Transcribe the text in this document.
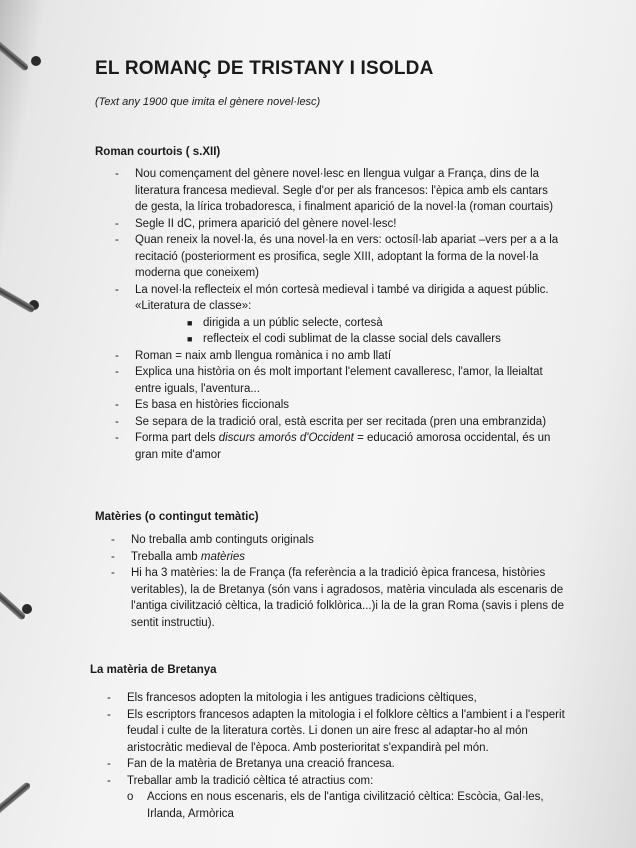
EL ROMANÇ DE TRISTANY I ISOLDA
(Text any 1900 que imita el gènere novel·lesc)
Roman courtois ( s.XII)
- Nou començament del gènere novel·lesc en llengua vulgar a França, dins de la literatura francesa medieval. Segle d'or per als francesos: l'èpica amb els cantars de gesta, la lírica trobadoresca, i finalment aparició de la novel·la (roman courtais)
- Segle II dC, primera aparició del gènere novel·lesc!
- Quan reneix la novel·la, és una novel·la en vers: octosíl·lab apariat –vers per a a la recitació (posteriorment es prosifica, segle XIII, adoptant la forma de la novel·la moderna que coneixem)
- La novel·la reflecteix el món cortesà medieval i també va dirigida a aquest públic. «Literatura de classe»:
■ dirigida a un públic selecte, cortesà
■ reflecteix el codi sublimat de la classe social dels cavallers
- Roman = naix amb llengua romànica i no amb llatí
- Explica una història on és molt important l'element cavalleresc, l'amor, la lleialtat entre iguals, l'aventura...
- Es basa en històries ficcionals
- Se separa de la tradició oral, està escrita per ser recitada (pren una embranzida)
- Forma part dels discurs amorós d'Occident = educació amorosa occidental, és un gran mite d'amor
Matèries (o contingut temàtic)
- No treballa amb continguts originals
- Treballa amb matèries
- Hi ha 3 matèries: la de França (fa referència a la tradició èpica francesa, històries veritables), la de Bretanya (són vans i agradosos, matèria vinculada als escenaris de l'antiga civilització cèltica, la tradició folklòrica...)i la de la gran Roma (savis i plens de sentit instructiu).
La matèria de Bretanya
- Els francesos adopten la mitologia i les antigues tradicions cèltiques,
- Els escriptors francesos adapten la mitologia i el folklore cèltics a l'ambient i a l'esperit feudal i culte de la literatura cortès. Li donen un aire fresc al adaptar-ho al món aristocràtic medieval de l'època. Amb posterioritat s'expandirà pel món.
- Fan de la matèria de Bretanya una creació francesa.
- Treballar amb la tradició cèltica té atractius com:
o Accions en nous escenaris, els de l'antiga civilització cèltica: Escòcia, Gal·les, Irlanda, Armòrica
